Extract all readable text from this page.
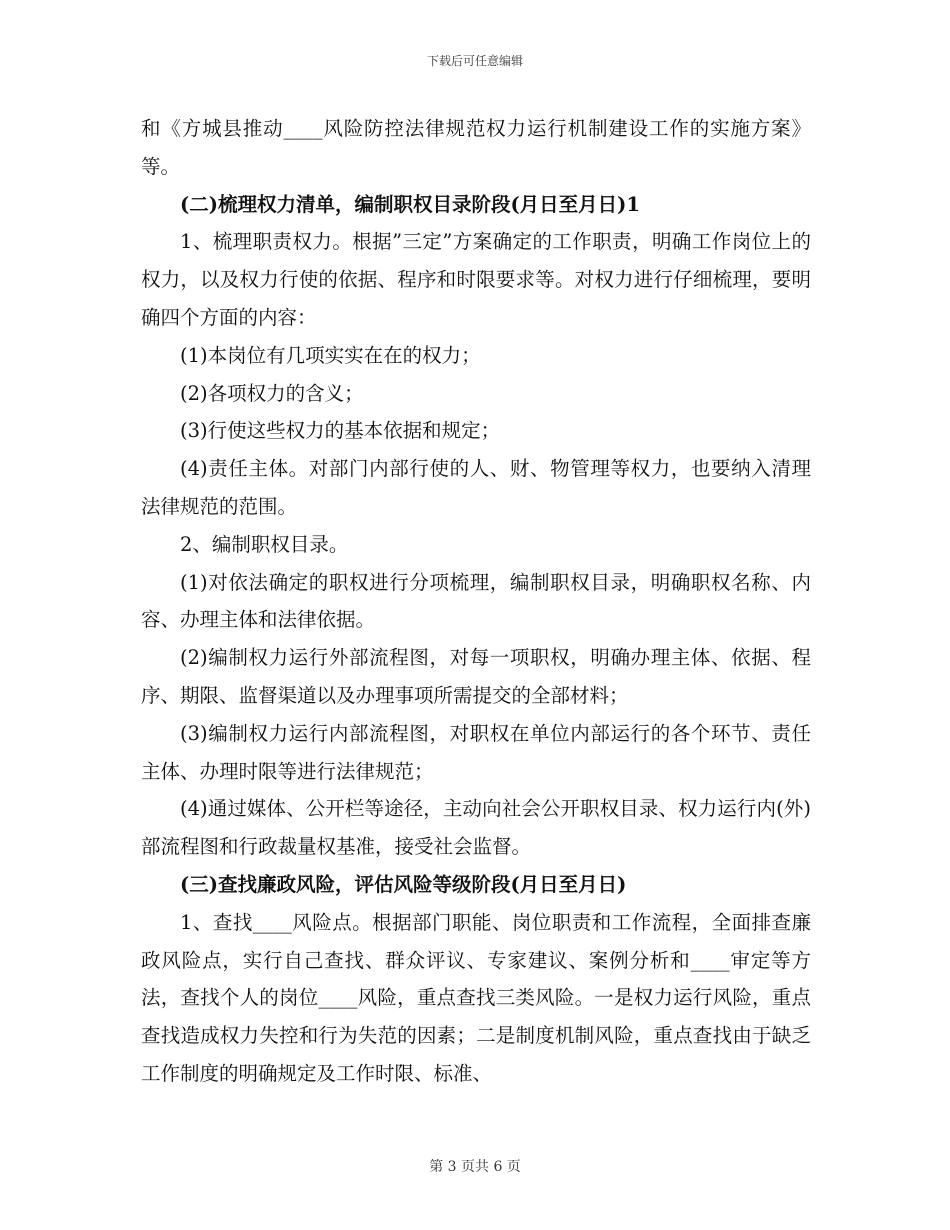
下载后可任意编辑

和《方城县推动____风险防控法律规范权力运行机制建设工作的实施方案》等。

(二)梳理权力清单，编制职权目录阶段(月日至月日)1

1、梳理职责权力。根据”三定”方案确定的工作职责，明确工作岗位上的权力，以及权力行使的依据、程序和时限要求等。对权力进行仔细梳理，要明确四个方面的内容：

(1)本岗位有几项实实在在的权力；

(2)各项权力的含义；

(3)行使这些权力的基本依据和规定；

(4)责任主体。对部门内部行使的人、财、物管理等权力，也要纳入清理法律规范的范围。

2、编制职权目录。

(1)对依法确定的职权进行分项梳理，编制职权目录，明确职权名称、内容、办理主体和法律依据。

(2)编制权力运行外部流程图，对每一项职权，明确办理主体、依据、程序、期限、监督渠道以及办理事项所需提交的全部材料；

(3)编制权力运行内部流程图，对职权在单位内部运行的各个环节、责任主体、办理时限等进行法律规范；

(4)通过媒体、公开栏等途径，主动向社会公开职权目录、权力运行内(外)部流程图和行政裁量权基准，接受社会监督。

(三)查找廉政风险，评估风险等级阶段(月日至月日)

1、查找____风险点。根据部门职能、岗位职责和工作流程，全面排查廉政风险点，实行自己查找、群众评议、专家建议、案例分析和____审定等方法，查找个人的岗位____风险，重点查找三类风险。一是权力运行风险，重点查找造成权力失控和行为失范的因素；二是制度机制风险，重点查找由于缺乏工作制度的明确规定及工作时限、标准、

第 3 页共 6 页
